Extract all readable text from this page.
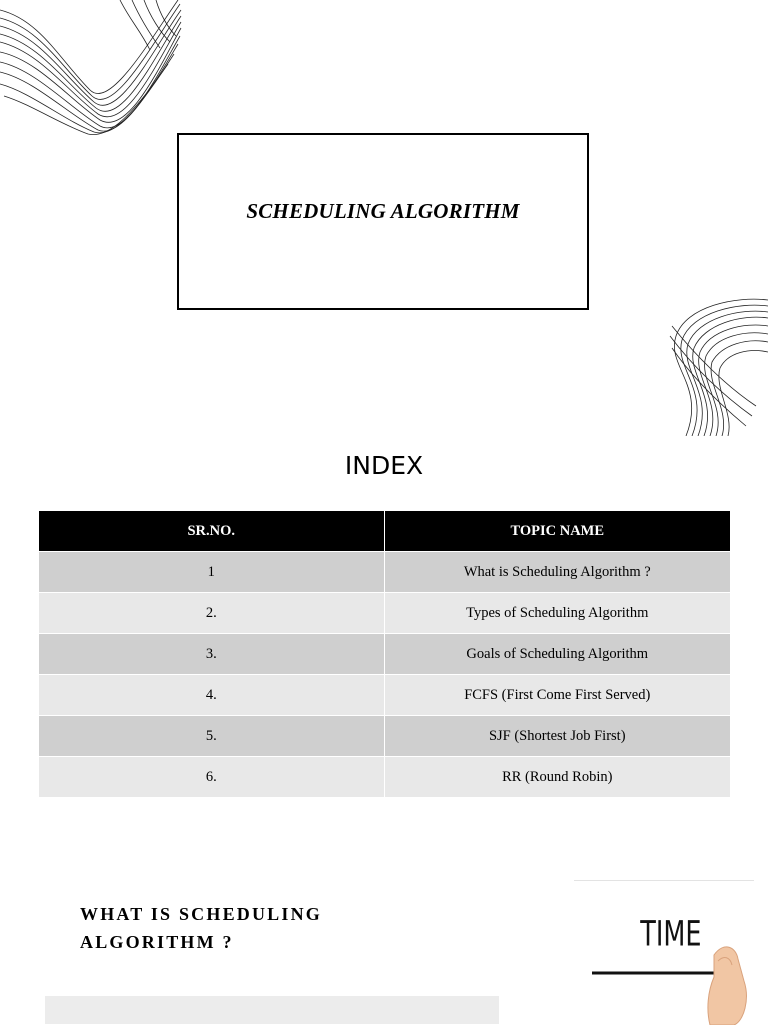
SCHEDULING ALGORITHM
INDEX
SR.NO.	TOPIC NAME
1	What is Scheduling Algorithm ?
2.	Types of Scheduling Algorithm
3.	Goals of Scheduling Algorithm
4.	FCFS (First Come First Served)
5.	SJF (Shortest Job First)
6.	RR (Round Robin)
WHAT IS SCHEDULING
ALGORITHM ?	TIME
